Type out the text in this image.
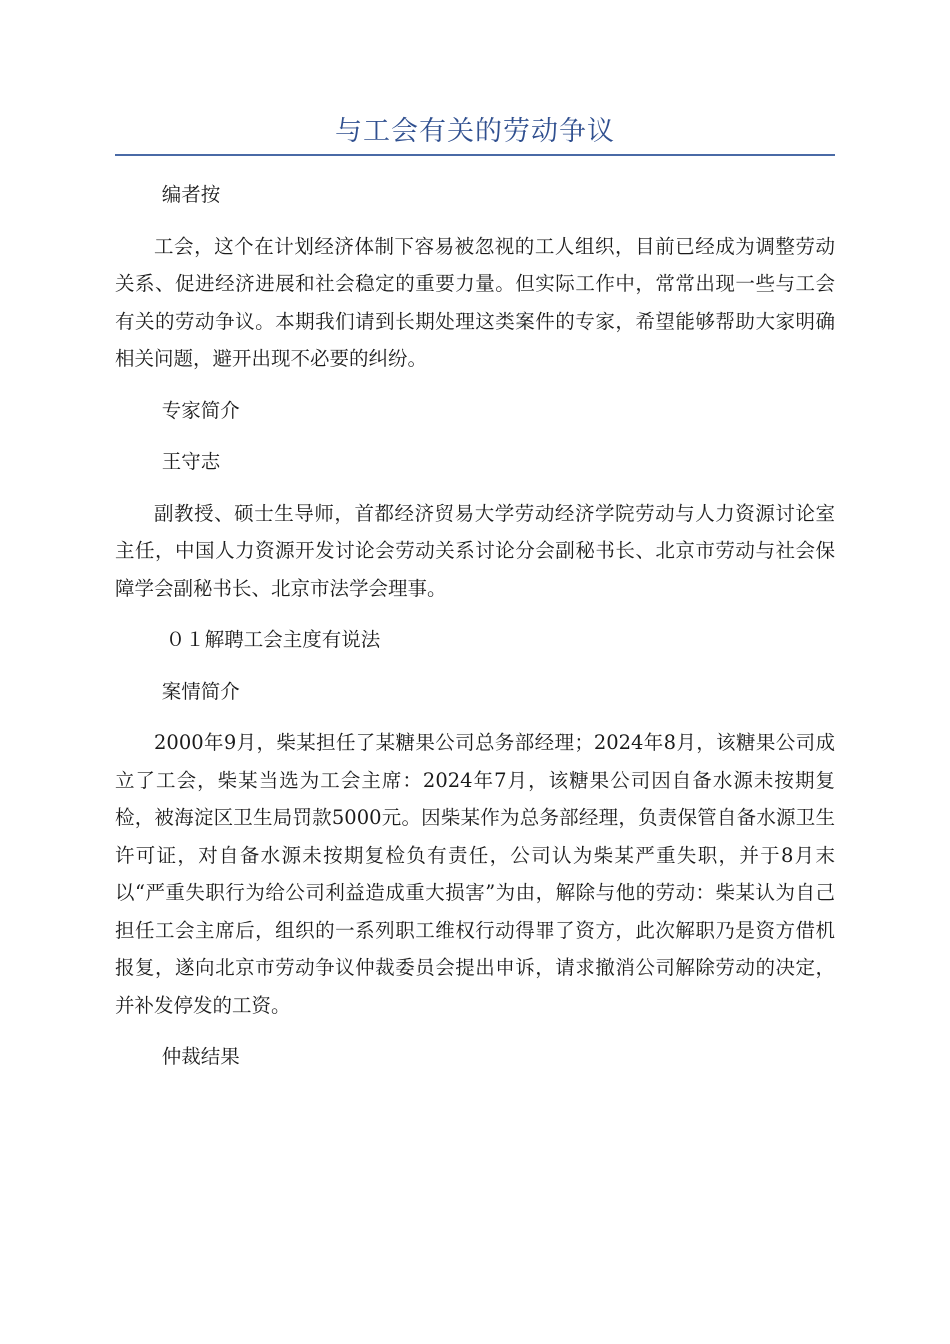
与工会有关的劳动争议

编者按

工会，这个在计划经济体制下容易被忽视的工人组织，目前已经成为调整劳动关系、促进经济进展和社会稳定的重要力量。但实际工作中，常常出现一些与工会有关的劳动争议。本期我们请到长期处理这类案件的专家，希望能够帮助大家明确相关问题，避开出现不必要的纠纷。

专家简介

王守志

副教授、硕士生导师，首都经济贸易大学劳动经济学院劳动与人力资源讨论室主任，中国人力资源开发讨论会劳动关系讨论分会副秘书长、北京市劳动与社会保障学会副秘书长、北京市法学会理事。

０１解聘工会主度有说法

案情简介

2000年9月，柴某担任了某糖果公司总务部经理；2024年8月，该糖果公司成立了工会，柴某当选为工会主席：2024年7月，该糖果公司因自备水源未按期复检，被海淀区卫生局罚款5000元。因柴某作为总务部经理，负责保管自备水源卫生许可证，对自备水源未按期复检负有责任，公司认为柴某严重失职，并于8月末以“严重失职行为给公司利益造成重大损害”为由，解除与他的劳动：柴某认为自己担任工会主席后，组织的一系列职工维权行动得罪了资方，此次解职乃是资方借机报复，遂向北京市劳动争议仲裁委员会提出申诉，请求撤消公司解除劳动的决定，并补发停发的工资。

仲裁结果
